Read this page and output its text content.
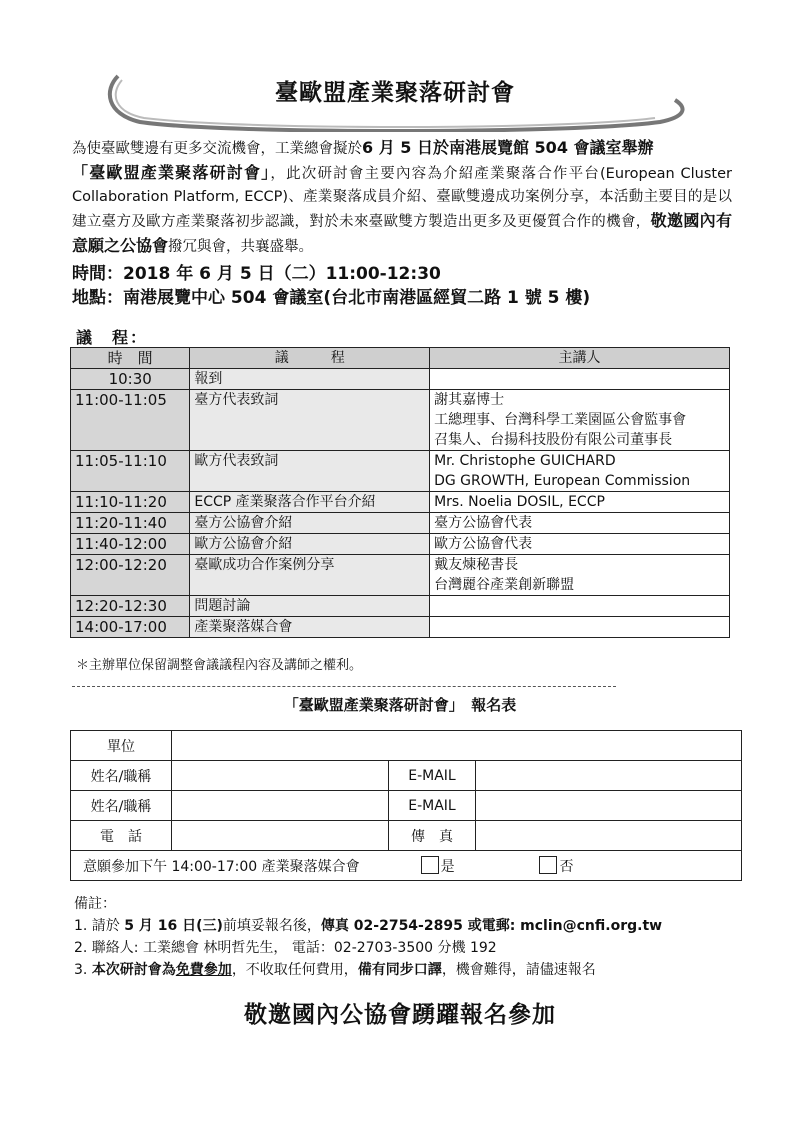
臺歐盟產業聚落研討會
為使臺歐雙邊有更多交流機會，工業總會擬於6 月 5 日於南港展覽館 504 會議室舉辦
「臺歐盟產業聚落研討會」，此次研討會主要內容為介紹產業聚落合作平台(European Cluster Collaboration Platform, ECCP)、產業聚落成員介紹、臺歐雙邊成功案例分享，本活動主要目的是以建立臺方及歐方產業聚落初步認識，對於未來臺歐雙方製造出更多及更優質合作的機會，敬邀國內有意願之公協會撥冗與會，共襄盛舉。
時間：2018 年 6 月 5 日（二）11:00-12:30
地點：南港展覽中心 504 會議室(台北市南港區經貿二路 1 號 5 樓)
議　程：
時　間	議　　　程	主講人
10:30	報到	
11:00-11:05	臺方代表致詞	謝其嘉博士
工總理事、台灣科學工業園區公會監事會
召集人、台揚科技股份有限公司董事長

11:05-11:10	歐方代表致詞	Mr. Christophe GUICHARD
DG GROWTH, European Commission

11:10-11:20	ECCP 產業聚落合作平台介紹	Mrs. Noelia DOSIL, ECCP
11:20-11:40	臺方公協會介紹	臺方公協會代表
11:40-12:00	歐方公協會介紹	歐方公協會代表
12:00-12:20	臺歐成功合作案例分享	戴友煉秘書長
台灣麗谷產業創新聯盟

12:20-12:30	問題討論	
14:00-17:00	產業聚落媒合會	
＊主辦單位保留調整會議議程內容及講師之權利。
「臺歐盟產業聚落研討會」　報名表
單位			
姓名/職稱		E-MAIL	
姓名/職稱		E-MAIL	
電　話		傳　真	
意願參加下午 14:00-17:00 產業聚落媒合會 是 否			
備註：
1. 請於 5 月 16 日(三)前填妥報名後，傳真 02-2754-2895 或電郵: mclin@cnfi.org.tw
2. 聯絡人: 工業總會 林明哲先生， 電話：02-2703-3500 分機 192
3. 本次研討會為免費參加，不收取任何費用，備有同步口譯，機會難得，請儘速報名
敬邀國內公協會踴躍報名參加
